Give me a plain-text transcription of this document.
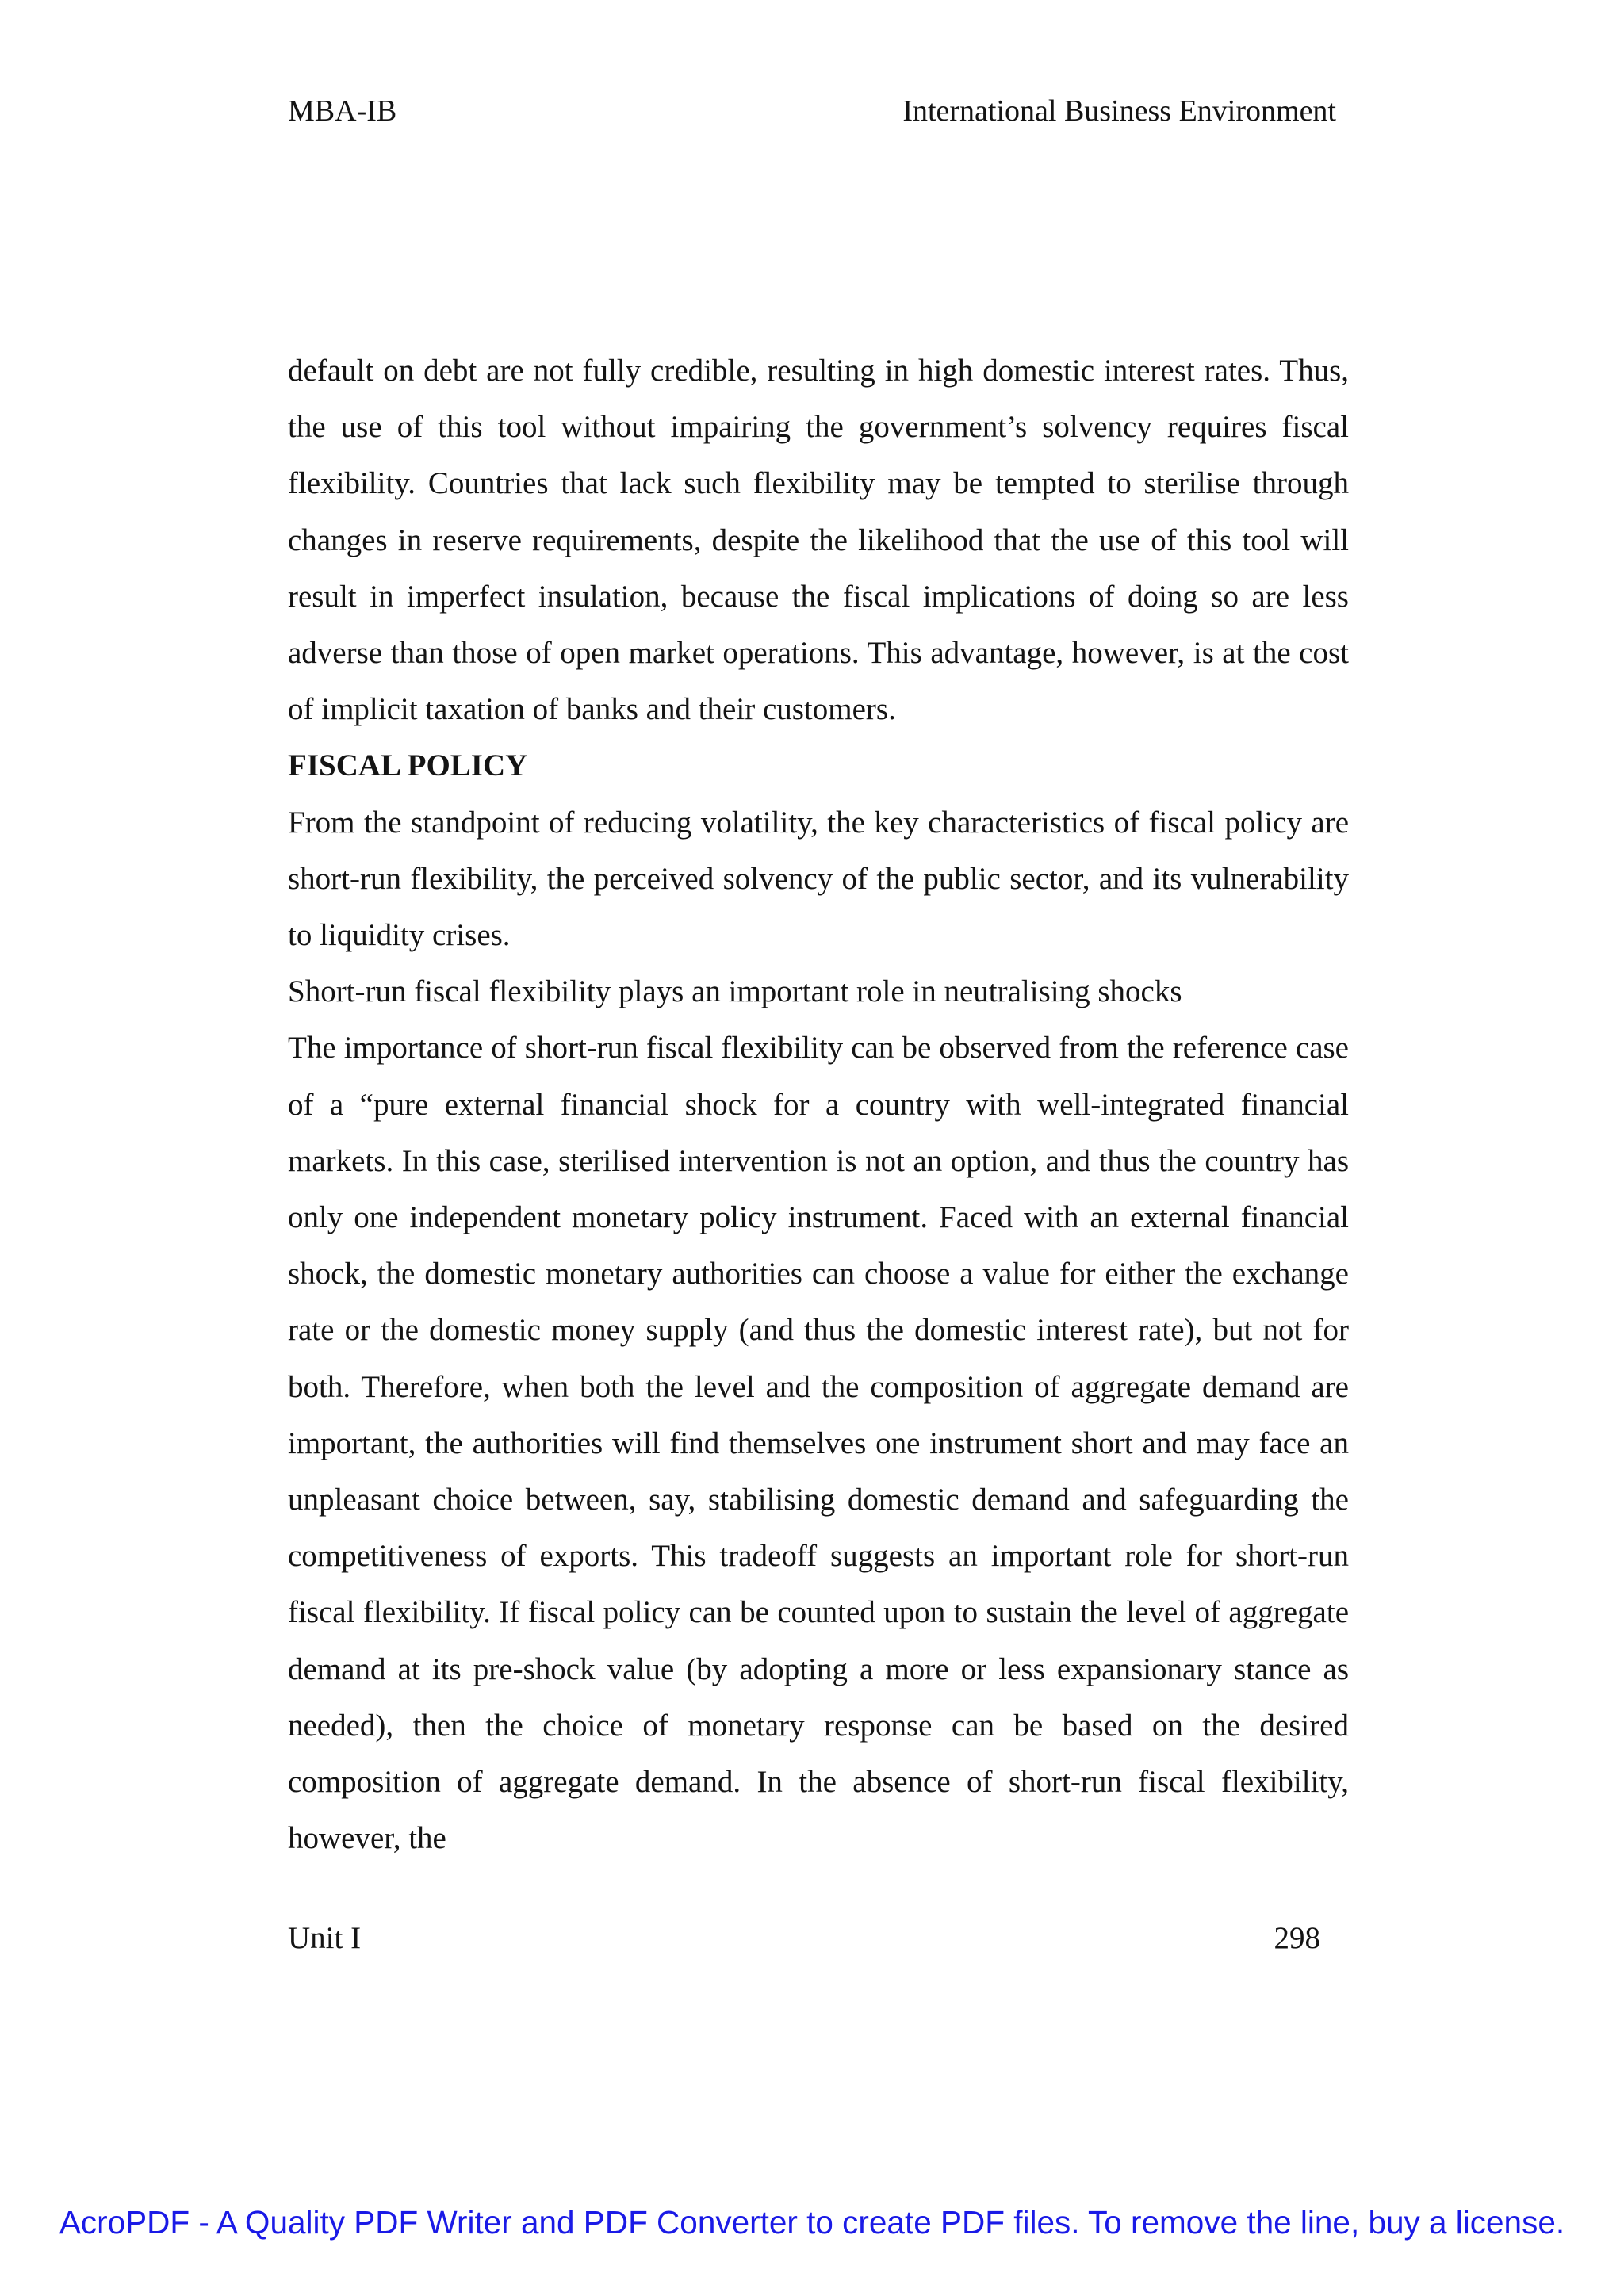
MBA-IB	International Business Environment

default on debt are not fully credible, resulting in high domestic interest rates. Thus, the use of this tool without impairing the government’s solvency requires fiscal flexibility. Countries that lack such flexibility may be tempted to sterilise through changes in reserve requirements, despite the likelihood that the use of this tool will result in imperfect insulation, because the fiscal implications of doing so are less adverse than those of open market operations. This advantage, however, is at the cost of implicit taxation of banks and their customers.

FISCAL POLICY

From the standpoint of reducing volatility, the key characteristics of fiscal policy are short-run flexibility, the perceived solvency of the public sector, and its vulnerability to liquidity crises.

Short-run fiscal flexibility plays an important role in neutralising shocks

The importance of short-run fiscal flexibility can be observed from the reference case of a “pure external financial shock for a country with well-integrated financial markets. In this case, sterilised intervention is not an option, and thus the country has only one independent monetary policy instrument. Faced with an external financial shock, the domestic monetary authorities can choose a value for either the exchange rate or the domestic money supply (and thus the domestic interest rate), but not for both. Therefore, when both the level and the composition of aggregate demand are important, the authorities will find themselves one instrument short and may face an unpleasant choice between, say, stabilising domestic demand and safeguarding the competitiveness of exports. This tradeoff suggests an important role for short-run fiscal flexibility. If fiscal policy can be counted upon to sustain the level of aggregate demand at its pre-shock value (by adopting a more or less expansionary stance as needed), then the choice of monetary response can be based on the desired composition of aggregate demand. In the absence of short-run fiscal flexibility, however, the

Unit I	298
AcroPDF - A Quality PDF Writer and PDF Converter to create PDF files. To remove the line, buy a license.
